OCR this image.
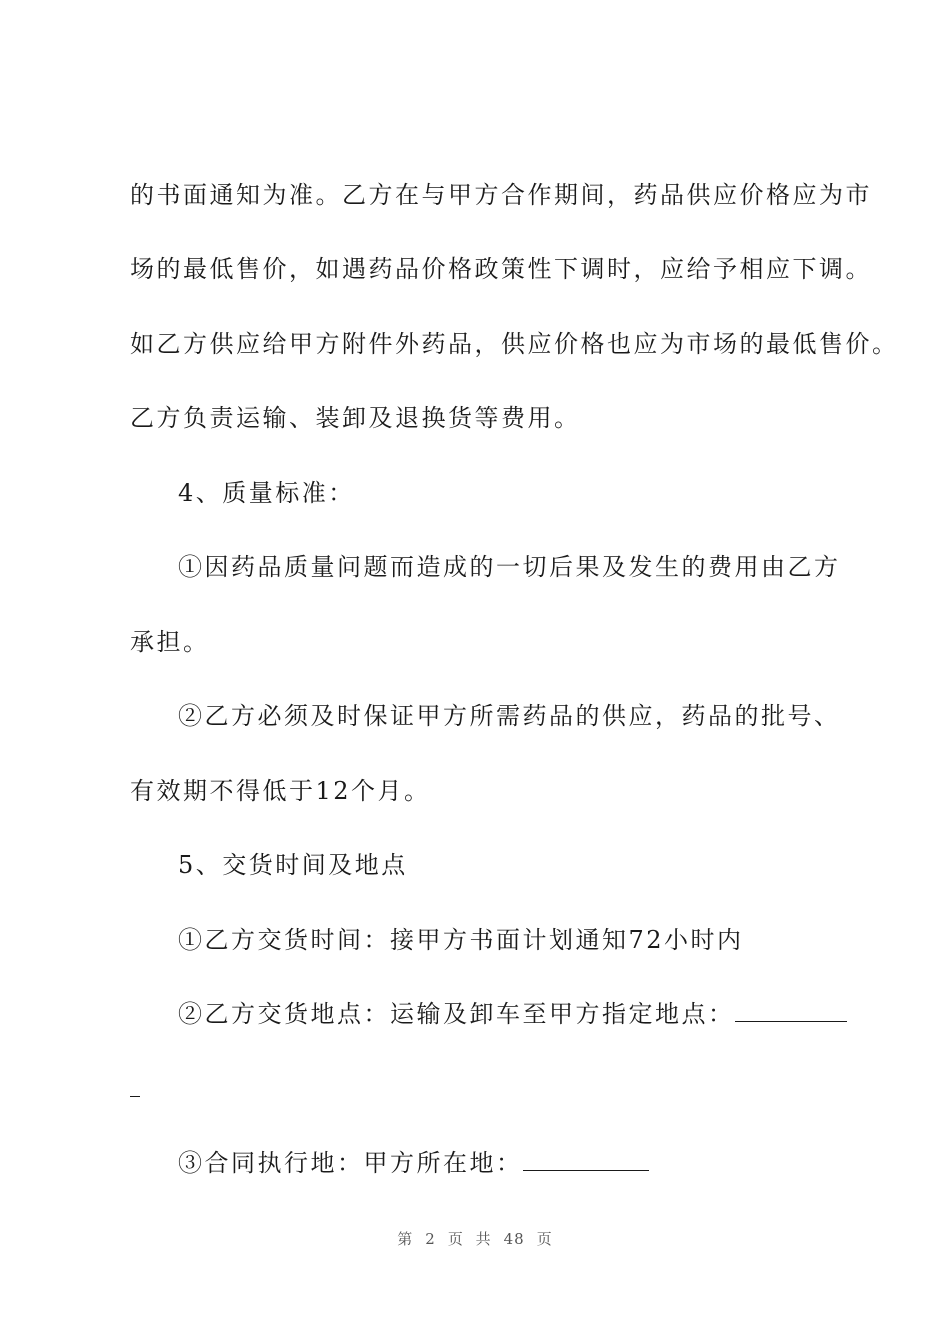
的书面通知为准。乙方在与甲方合作期间，药品供应价格应为市
场的最低售价，如遇药品价格政策性下调时，应给予相应下调。
如乙方供应给甲方附件外药品，供应价格也应为市场的最低售价。
乙方负责运输、装卸及退换货等费用。
4、质量标准：
①因药品质量问题而造成的一切后果及发生的费用由乙方
承担。
②乙方必须及时保证甲方所需药品的供应，药品的批号、
有效期不得低于12个月。
5、交货时间及地点
①乙方交货时间：接甲方书面计划通知72小时内
②乙方交货地点：运输及卸车至甲方指定地点：
③合同执行地：甲方所在地：
第 2 页 共 48 页
